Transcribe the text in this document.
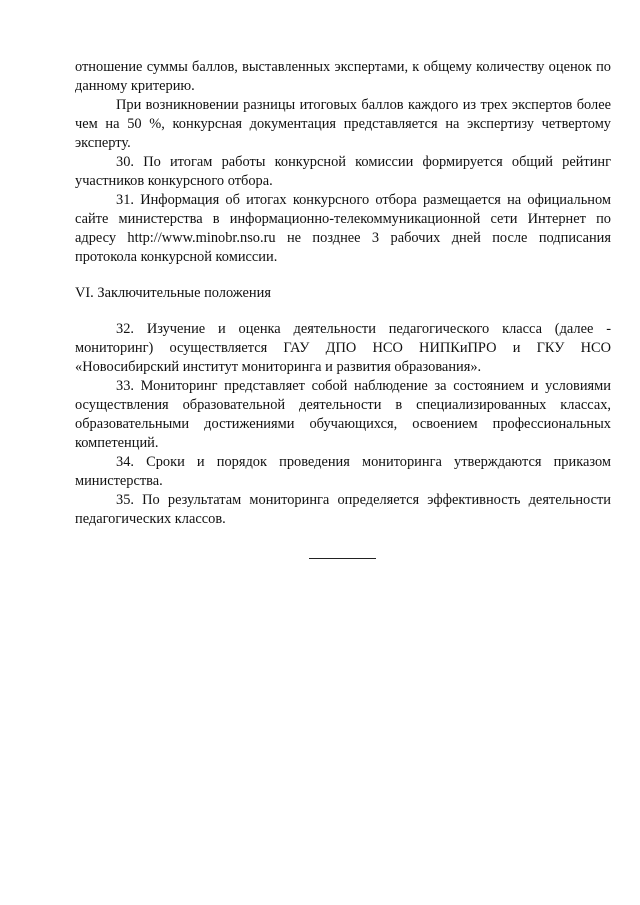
отношение суммы баллов, выставленных экспертами, к общему количеству оценок по данному критерию.

При возникновении разницы итоговых баллов каждого из трех экспертов более чем на 50 %, конкурсная документация представляется на экспертизу четвертому эксперту.

30. По итогам работы конкурсной комиссии формируется общий рейтинг участников конкурсного отбора.

31. Информация об итогах конкурсного отбора размещается на официальном сайте министерства в информационно-телекоммуникационной сети Интернет по адресу http://www.minobr.nso.ru не позднее 3 рабочих дней после подписания протокола конкурсной комиссии.

VI. Заключительные положения

32. Изучение и оценка деятельности педагогического класса (далее - мониторинг) осуществляется ГАУ ДПО НСО НИПКиПРО и ГКУ НСО «Новосибирский институт мониторинга и развития образования».

33. Мониторинг представляет собой наблюдение за состоянием и условиями осуществления образовательной деятельности в специализированных классах, образовательными достижениями обучающихся, освоением профессиональных компетенций.

34. Сроки и порядок проведения мониторинга утверждаются приказом министерства.

35. По результатам мониторинга определяется эффективность деятельности педагогических классов.
